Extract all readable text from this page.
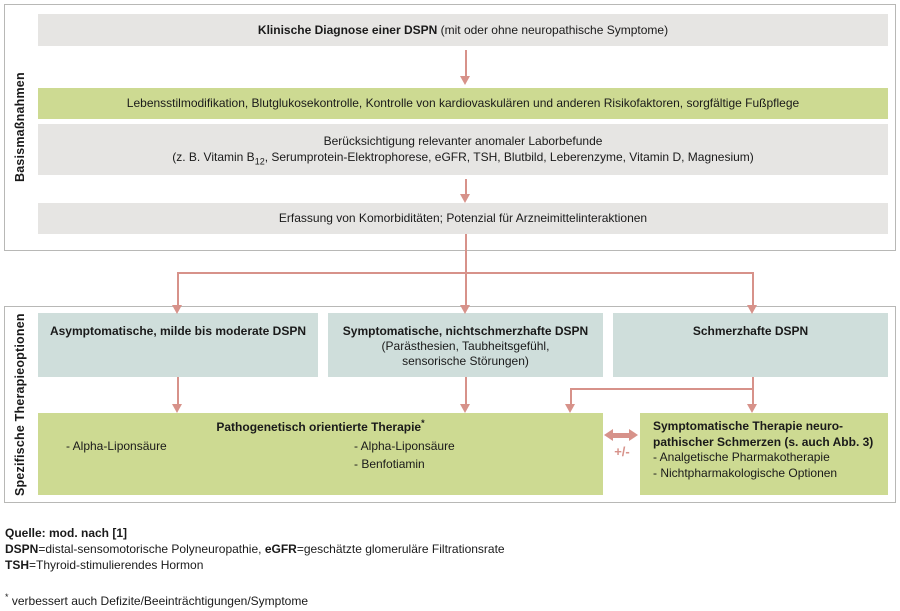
Basismaßnahmen
Spezifische Therapieoptionen
Klinische Diagnose einer DSPN (mit oder ohne neuropathische Symptome)
Lebensstilmodifikation, Blutglukosekontrolle, Kontrolle von kardiovaskulären und anderen Risikofaktoren, sorgfältige Fußpflege
Berücksichtigung relevanter anomaler Laborbefunde
(z. B. Vitamin $B_{12}$, Serumprotein-Elektrophorese, eGFR, TSH, Blutbild, Leberenzyme, Vitamin D, Magnesium)
Erfassung von Komorbiditäten; Potenzial für Arzneimittelinteraktionen
Asymptomatische, milde bis moderate DSPN	Symptomatische, nichtschmerzhafte DSPN
(Parästhesien, Taubheitsgefühl,
sensorische Störungen)
Schmerzhafte DSPN
Pathogenetisch orientierte Therapie*
- Alpha-Liponsäure	- Alpha-Liponsäure
- Benfotiamin
Symptomatische Therapie neuro-
pathischer Schmerzen (s. auch Abb. 3)
- Analgetische Pharmakotherapie
- Nichtpharmakologische Optionen
+/-
Quelle: mod. nach [1]
DSPN=distal-sensomotorische Polyneuropathie, eGFR=geschätzte glomeruläre Filtrationsrate
TSH=Thyroid-stimulierendes Hormon
* verbessert auch Defizite/Beeinträchtigungen/Symptome
